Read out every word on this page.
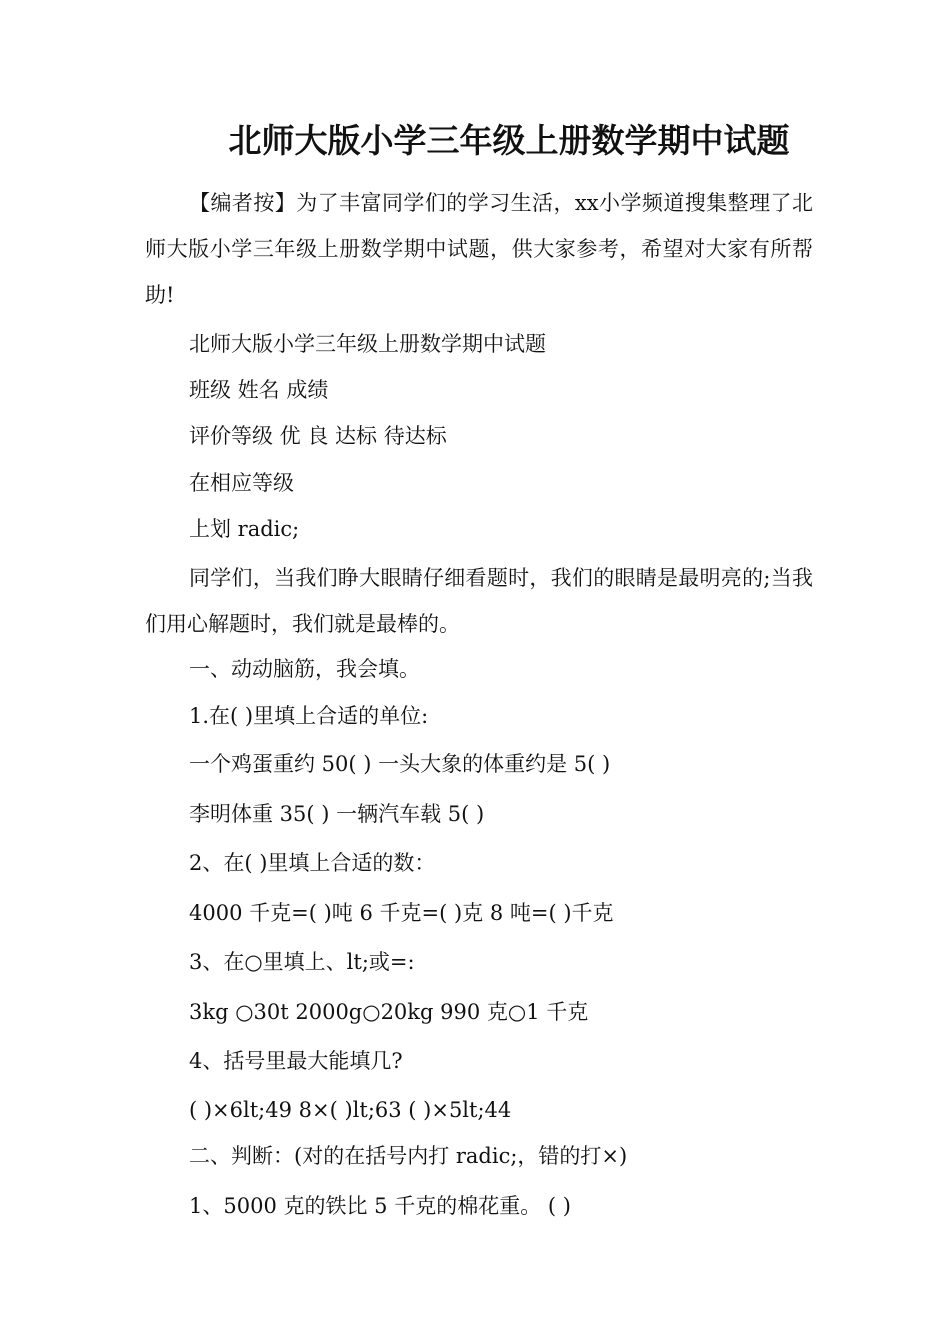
北师大版小学三年级上册数学期中试题
【编者按】为了丰富同学们的学习生活，xx小学频道搜集整理了北师大版小学三年级上册数学期中试题，供大家参考，希望对大家有所帮助!
北师大版小学三年级上册数学期中试题
班级 姓名 成绩
评价等级 优 良 达标 待达标
在相应等级
上划 radic;
同学们，当我们睁大眼睛仔细看题时，我们的眼睛是最明亮的;当我们用心解题时，我们就是最棒的。
一、动动脑筋，我会填。
1.在( )里填上合适的单位:
一个鸡蛋重约 50( ) 一头大象的体重约是 5( )
李明体重 35( ) 一辆汽车载 5( )
2、在( )里填上合适的数：
4000 千克=( )吨 6 千克=( )克 8 吨=( )千克
3、在○里填上、lt;或=:
3kg ○30t 2000g○20kg 990 克○1 千克
4、括号里最大能填几?
( )×6lt;49 8×( )lt;63 ( )×5lt;44
二、判断：(对的在括号内打 radic;，错的打×)
1、5000 克的铁比 5 千克的棉花重。 ( )
